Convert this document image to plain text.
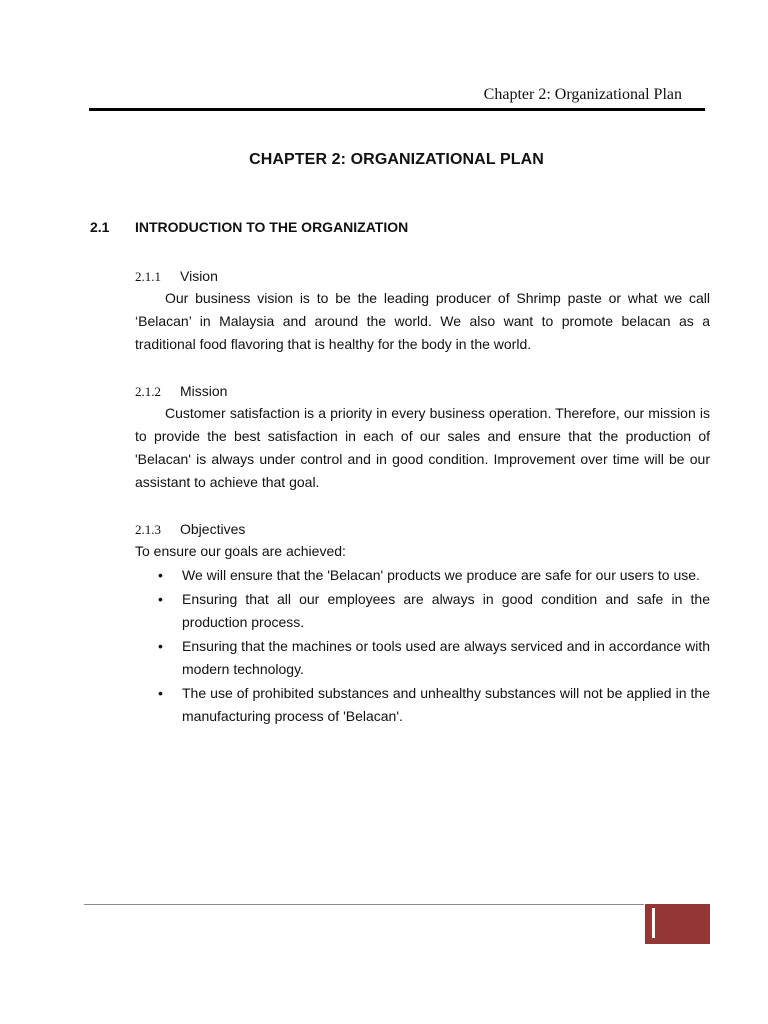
Chapter 2: Organizational Plan
CHAPTER 2: ORGANIZATIONAL PLAN
2.1 INTRODUCTION TO THE ORGANIZATION
2.1.1 Vision

Our business vision is to be the leading producer of Shrimp paste or what we call ‘Belacan’ in Malaysia and around the world. We also want to promote belacan as a traditional food flavoring that is healthy for the body in the world.

2.1.2 Mission

Customer satisfaction is a priority in every business operation. Therefore, our mission is to provide the best satisfaction in each of our sales and ensure that the production of 'Belacan' is always under control and in good condition. Improvement over time will be our assistant to achieve that goal.

2.1.3 Objectives

To ensure our goals are achieved:

•	We will ensure that the 'Belacan' products we produce are safe for our users to use.
•	Ensuring that all our employees are always in good condition and safe in the production process.
•	Ensuring that the machines or tools used are always serviced and in accordance with modern technology.
•	The use of prohibited substances and unhealthy substances will not be applied in the manufacturing process of 'Belacan'.
